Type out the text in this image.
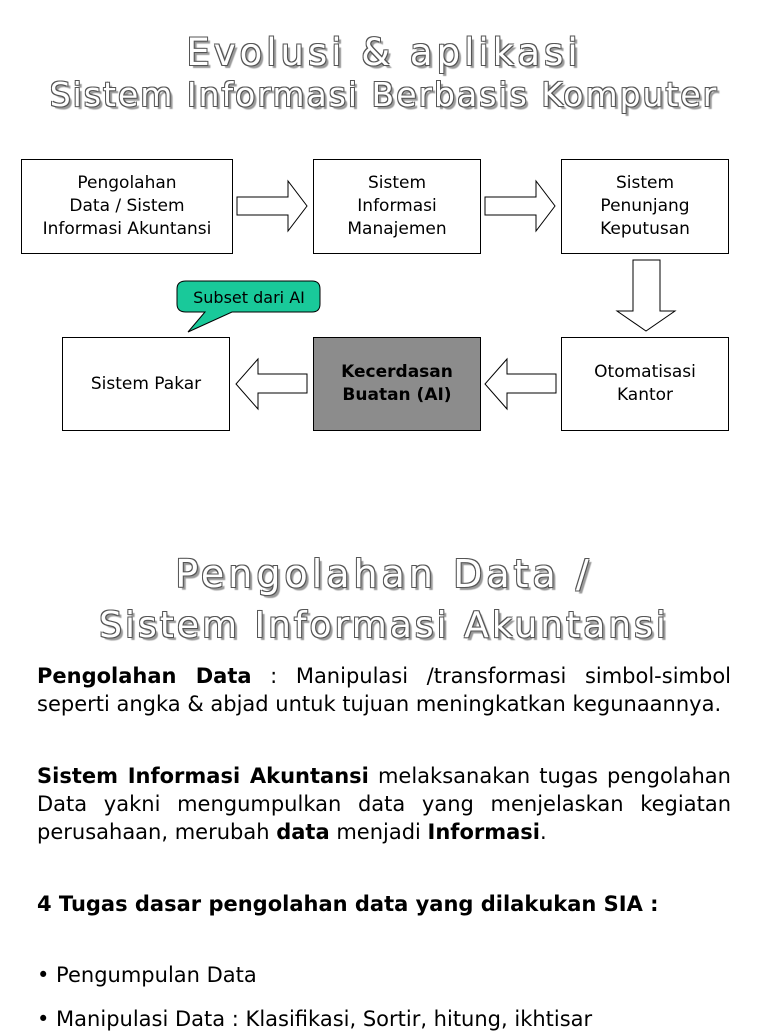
Evolusi & aplikasi
Sistem Informasi Berbasis Komputer
Subset dari AI
Pengolahan
Data / Sistem
Informasi Akuntansi
Sistem
Informasi
Manajemen
Sistem
Penunjang
Keputusan
Otomatisasi
Kantor
Kecerdasan
Buatan (AI)
Sistem Pakar
Pengolahan Data /
Sistem Informasi Akuntansi
Pengolahan Data : Manipulasi /transformasi simbol-simbol seperti angka & abjad untuk tujuan meningkatkan kegunaannya.
Sistem Informasi Akuntansi melaksanakan tugas pengolahan Data yakni mengumpulkan data yang menjelaskan kegiatan perusahaan, merubah data menjadi Informasi.
4 Tugas dasar pengolahan data yang dilakukan SIA :
• Pengumpulan Data
• Manipulasi Data : Klasifikasi, Sortir, hitung, ikhtisar
